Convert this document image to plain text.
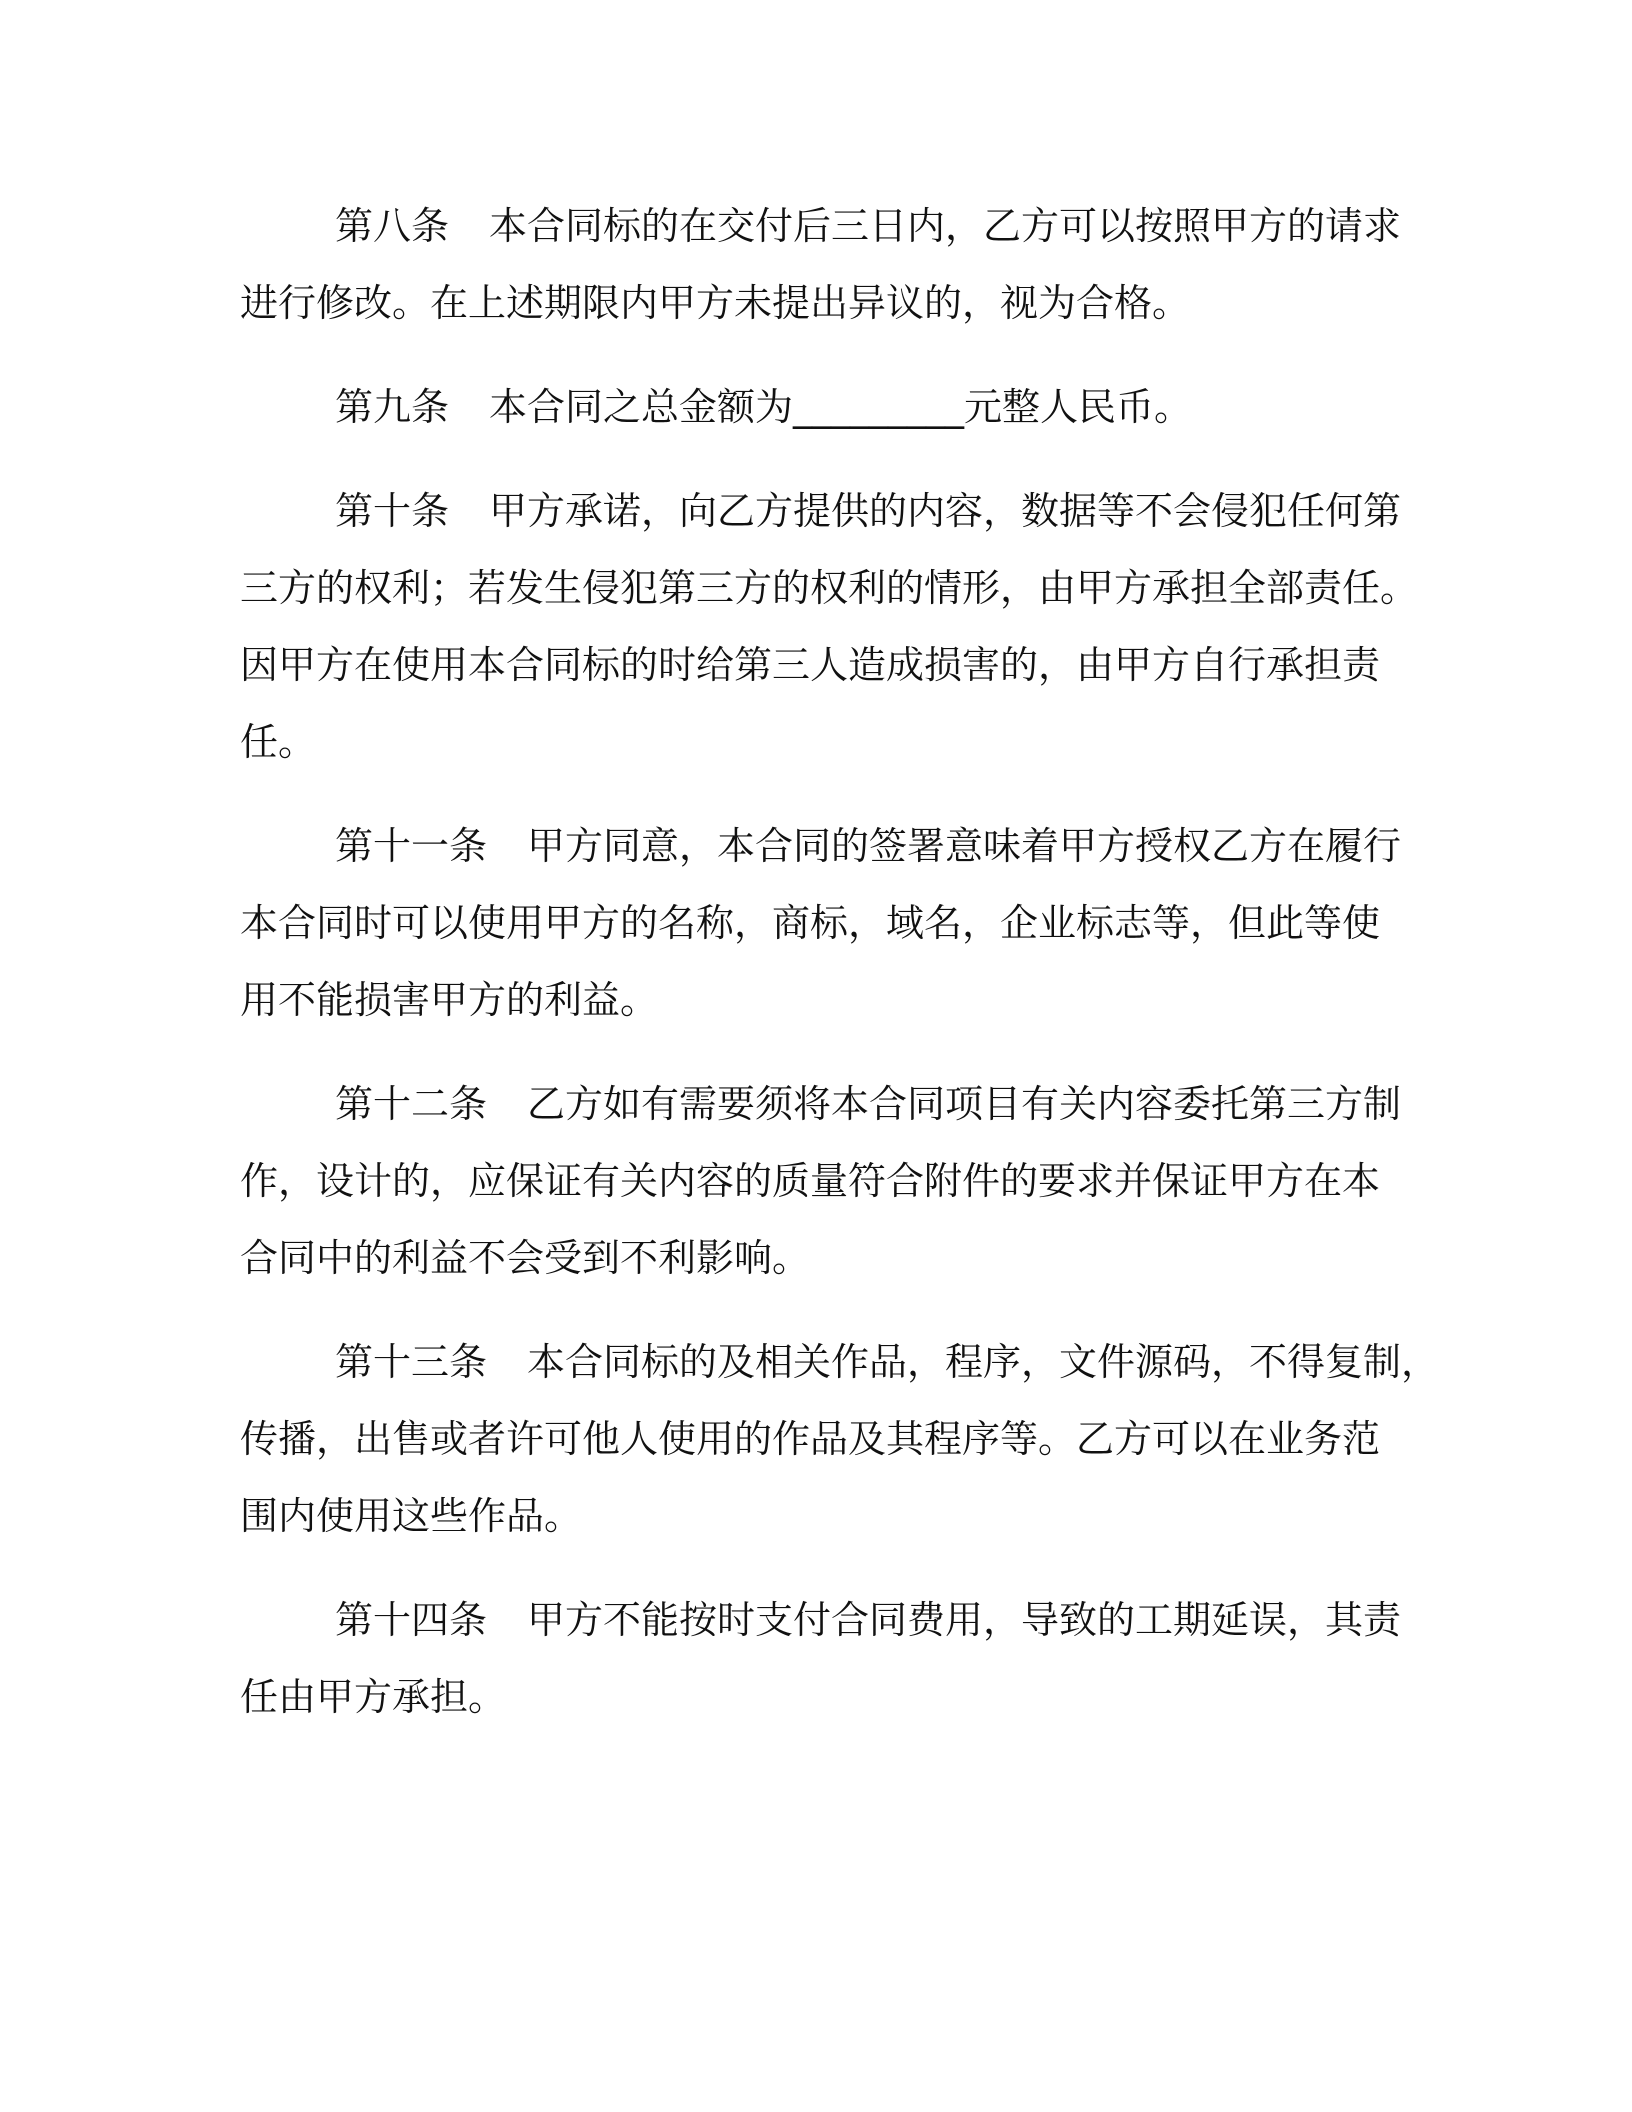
第八条 本合同标的在交付后三日内，乙方可以按照甲方的请求
进行修改。在上述期限内甲方未提出异议的，视为合格。
第九条 本合同之总金额为_________元整人民币。
第十条 甲方承诺，向乙方提供的内容，数据等不会侵犯任何第
三方的权利；若发生侵犯第三方的权利的情形，由甲方承担全部责任。
因甲方在使用本合同标的时给第三人造成损害的，由甲方自行承担责
任。
第十一条 甲方同意，本合同的签署意味着甲方授权乙方在履行
本合同时可以使用甲方的名称，商标，域名，企业标志等，但此等使
用不能损害甲方的利益。
第十二条 乙方如有需要须将本合同项目有关内容委托第三方制
作，设计的，应保证有关内容的质量符合附件的要求并保证甲方在本
合同中的利益不会受到不利影响。
第十三条 本合同标的及相关作品，程序，文件源码，不得复制，
传播，出售或者许可他人使用的作品及其程序等。乙方可以在业务范
围内使用这些作品。
第十四条 甲方不能按时支付合同费用，导致的工期延误，其责
任由甲方承担。
